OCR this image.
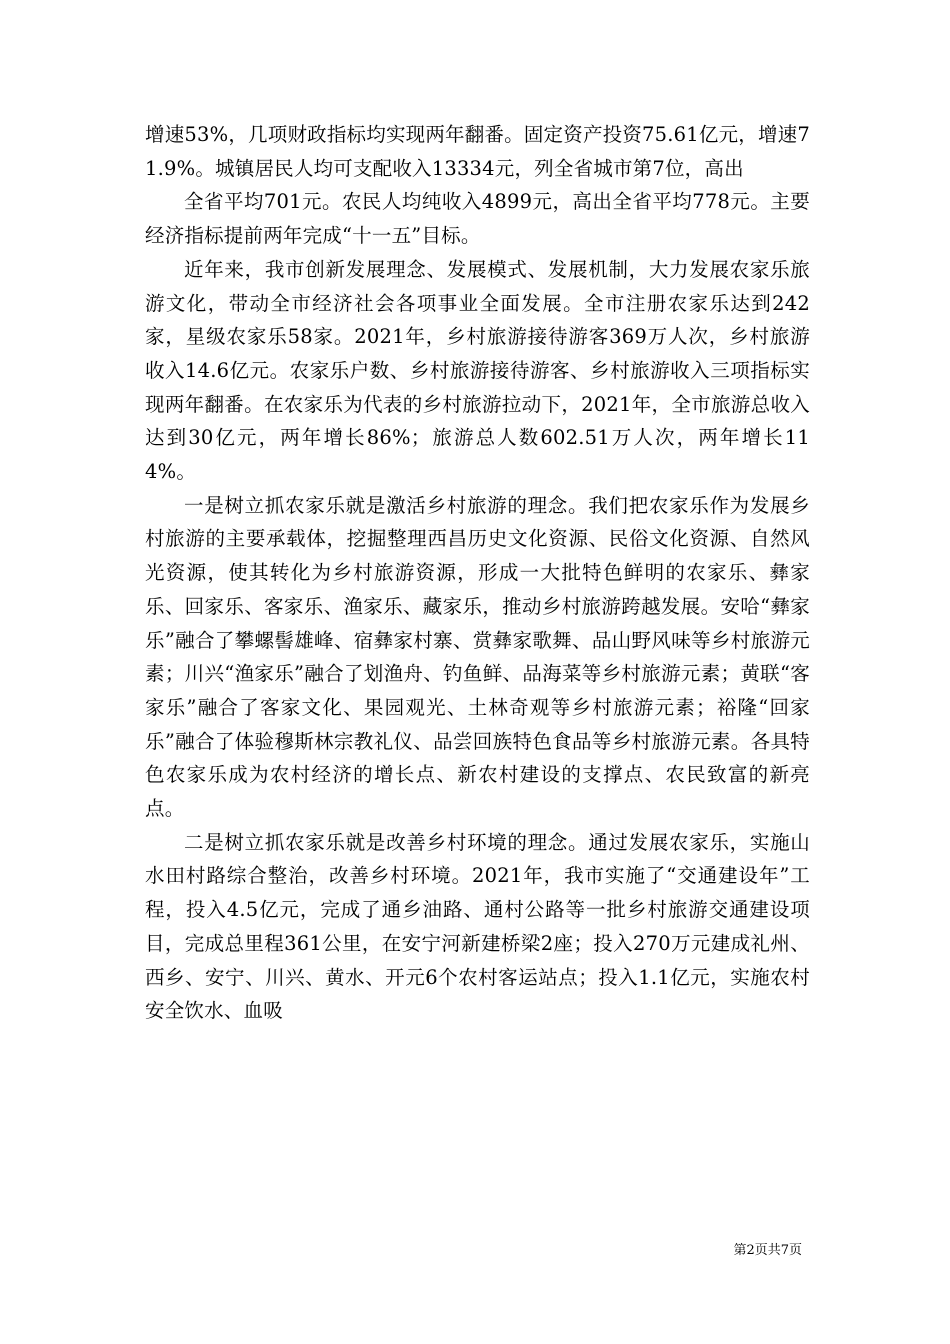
增速53%，几项财政指标均实现两年翻番。固定资产投资75.61亿元，增速71.9%。城镇居民人均可支配收入13334元，列全省城市第7位，高出

全省平均701元。农民人均纯收入4899元，高出全省平均778元。主要经济指标提前两年完成“十一五”目标。

近年来，我市创新发展理念、发展模式、发展机制，大力发展农家乐旅游文化，带动全市经济社会各项事业全面发展。全市注册农家乐达到242家，星级农家乐58家。2021年，乡村旅游接待游客369万人次，乡村旅游收入14.6亿元。农家乐户数、乡村旅游接待游客、乡村旅游收入三项指标实现两年翻番。在农家乐为代表的乡村旅游拉动下，2021年，全市旅游总收入达到30亿元，两年增长86%；旅游总人数602.51万人次，两年增长114%。

一是树立抓农家乐就是激活乡村旅游的理念。我们把农家乐作为发展乡村旅游的主要承载体，挖掘整理西昌历史文化资源、民俗文化资源、自然风光资源，使其转化为乡村旅游资源，形成一大批特色鲜明的农家乐、彝家乐、回家乐、客家乐、渔家乐、藏家乐，推动乡村旅游跨越发展。安哈“彝家乐”融合了攀螺髻雄峰、宿彝家村寨、赏彝家歌舞、品山野风味等乡村旅游元素；川兴“渔家乐”融合了划渔舟、钓鱼鲜、品海菜等乡村旅游元素；黄联“客家乐”融合了客家文化、果园观光、土林奇观等乡村旅游元素；裕隆“回家乐”融合了体验穆斯林宗教礼仪、品尝回族特色食品等乡村旅游元素。各具特色农家乐成为农村经济的增长点、新农村建设的支撑点、农民致富的新亮点。

二是树立抓农家乐就是改善乡村环境的理念。通过发展农家乐，实施山水田村路综合整治，改善乡村环境。2021年，我市实施了“交通建设年”工程，投入4.5亿元，完成了通乡油路、通村公路等一批乡村旅游交通建设项目，完成总里程361公里，在安宁河新建桥梁2座；投入270万元建成礼州、西乡、安宁、川兴、黄水、开元6个农村客运站点；投入1.1亿元，实施农村安全饮水、血吸

第2页共7页
